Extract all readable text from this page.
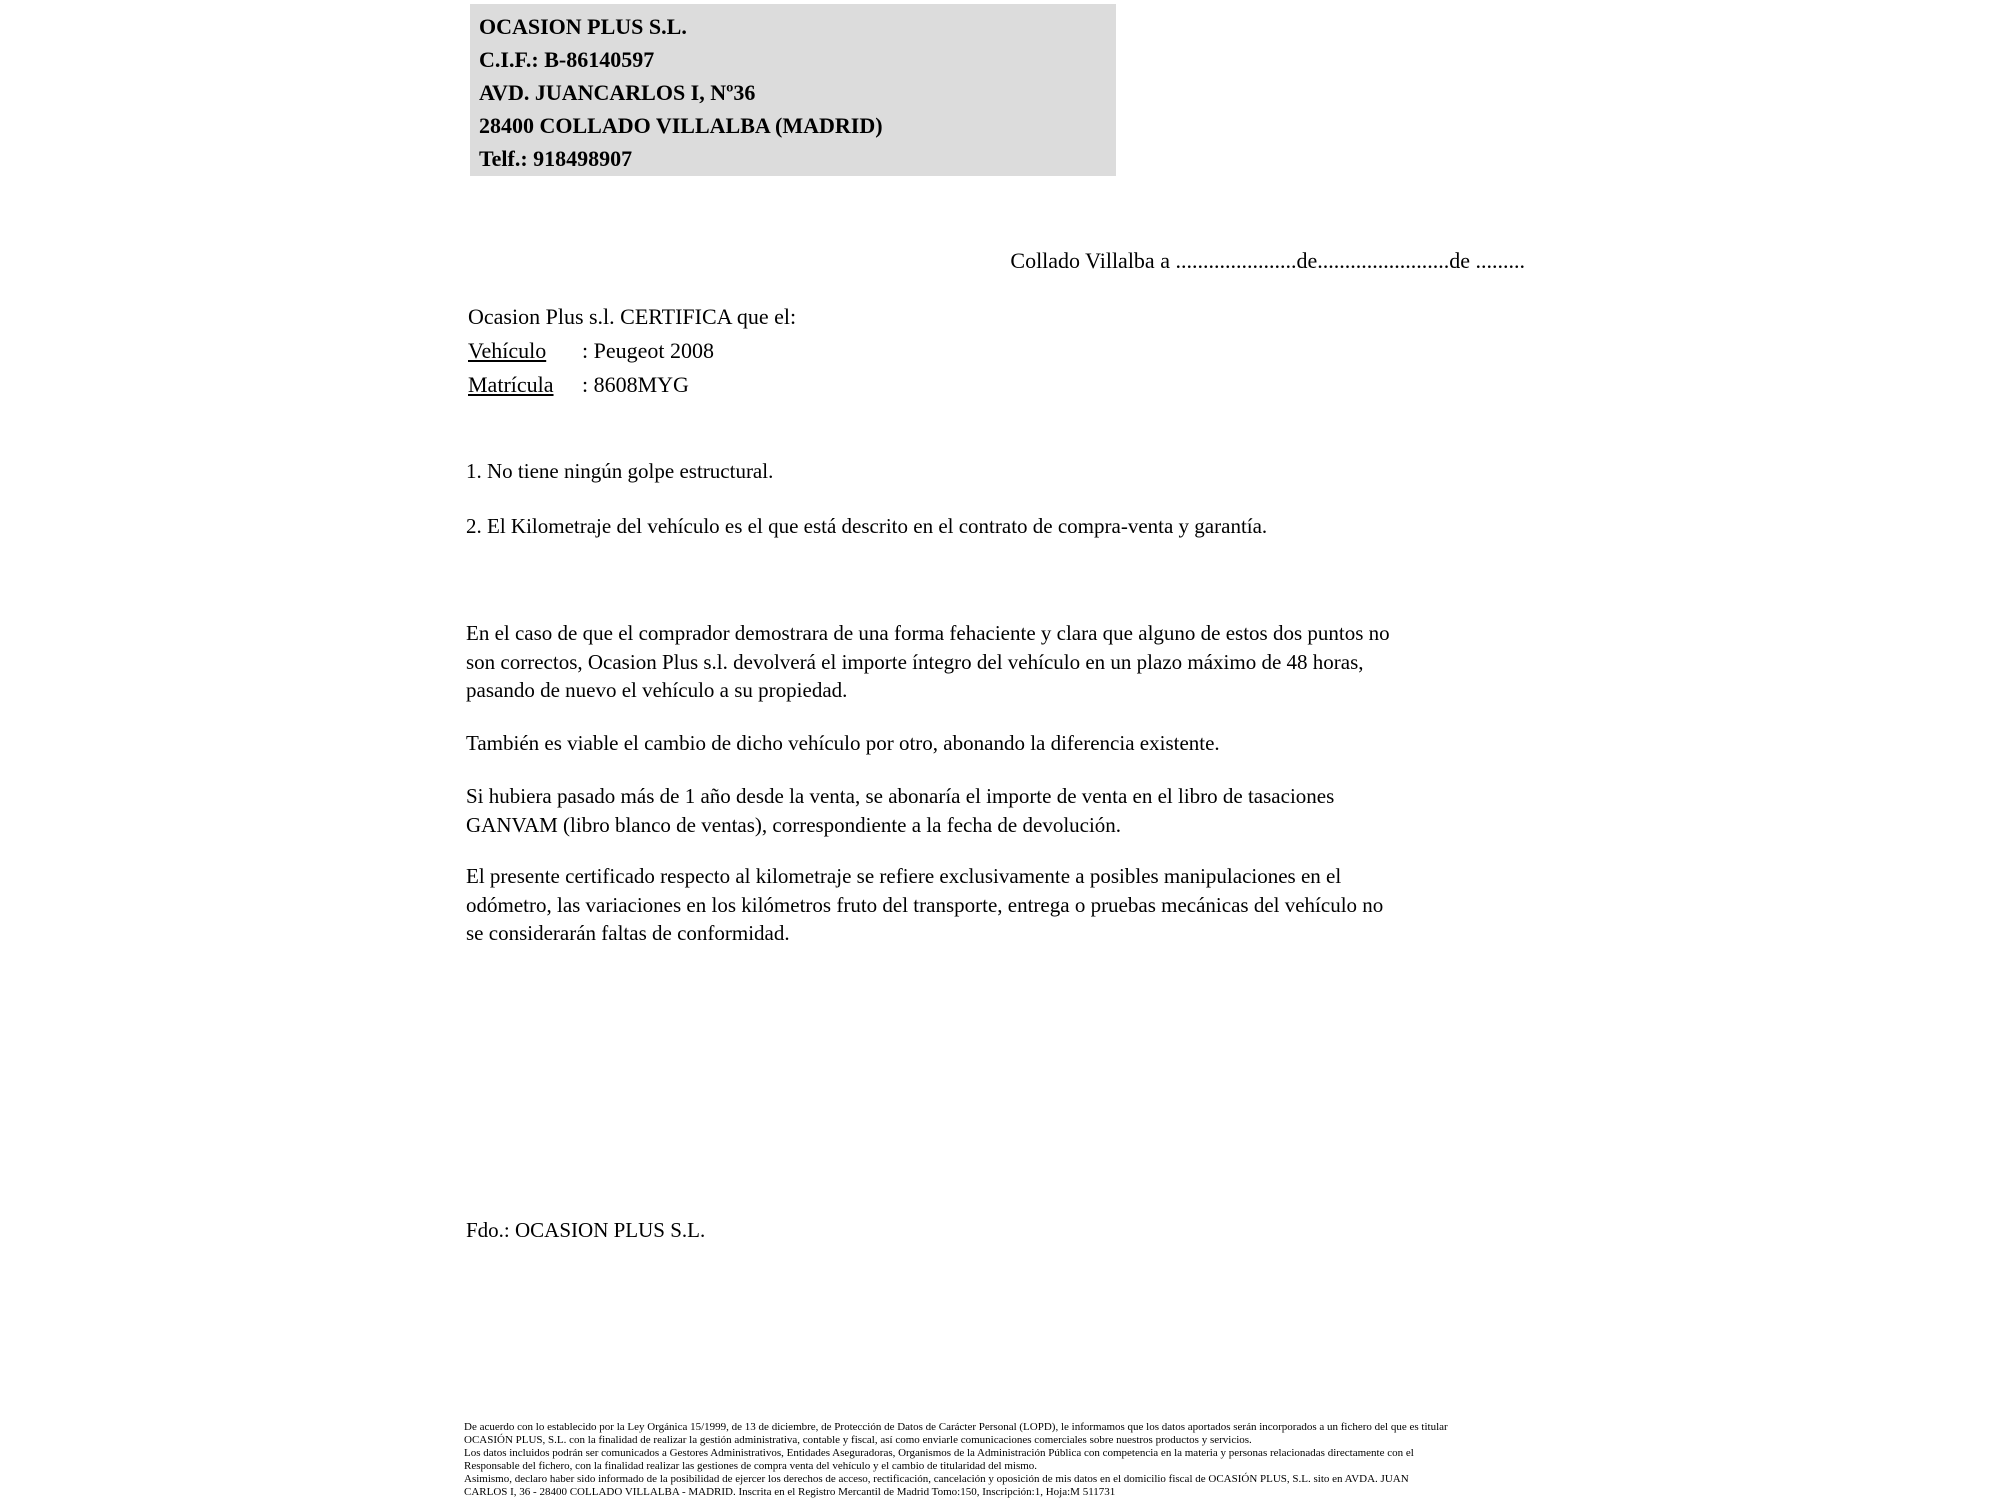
OCASION PLUS S.L.
C.I.F.: B-86140597
AVD. JUANCARLOS I, Nº36
28400 COLLADO VILLALBA (MADRID)
Telf.: 918498907
Collado Villalba a ......................de........................de .........
Ocasion Plus s.l. CERTIFICA que el:
Vehículo : Peugeot 2008
Matrícula : 8608MYG
1. No tiene ningún golpe estructural.
2. El Kilometraje del vehículo es el que está descrito en el contrato de compra-venta y garantía.
En el caso de que el comprador demostrara de una forma fehaciente y clara que alguno de estos dos puntos no
son correctos, Ocasion Plus s.l. devolverá el importe íntegro del vehículo en un plazo máximo de 48 horas,
pasando de nuevo el vehículo a su propiedad.
También es viable el cambio de dicho vehículo por otro, abonando la diferencia existente.
Si hubiera pasado más de 1 año desde la venta, se abonaría el importe de venta en el libro de tasaciones
GANVAM (libro blanco de ventas), correspondiente a la fecha de devolución.
El presente certificado respecto al kilometraje se refiere exclusivamente a posibles manipulaciones en el
odómetro, las variaciones en los kilómetros fruto del transporte, entrega o pruebas mecánicas del vehículo no
se considerarán faltas de conformidad.
Fdo.: OCASION PLUS S.L.
De acuerdo con lo establecido por la Ley Orgánica 15/1999, de 13 de diciembre, de Protección de Datos de Carácter Personal (LOPD), le informamos que los datos aportados serán incorporados a un fichero del que es titular
OCASIÓN PLUS, S.L. con la finalidad de realizar la gestión administrativa, contable y fiscal, así como enviarle comunicaciones comerciales sobre nuestros productos y servicios.
Los datos incluidos podrán ser comunicados a Gestores Administrativos, Entidades Aseguradoras, Organismos de la Administración Pública con competencia en la materia y personas relacionadas directamente con el
Responsable del fichero, con la finalidad realizar las gestiones de compra venta del vehículo y el cambio de titularidad del mismo.
Asimismo, declaro haber sido informado de la posibilidad de ejercer los derechos de acceso, rectificación, cancelación y oposición de mis datos en el domicilio fiscal de OCASIÓN PLUS, S.L. sito en AVDA. JUAN
CARLOS I, 36 - 28400 COLLADO VILLALBA - MADRID. Inscrita en el Registro Mercantil de Madrid Tomo:150, Inscripción:1, Hoja:M 511731
